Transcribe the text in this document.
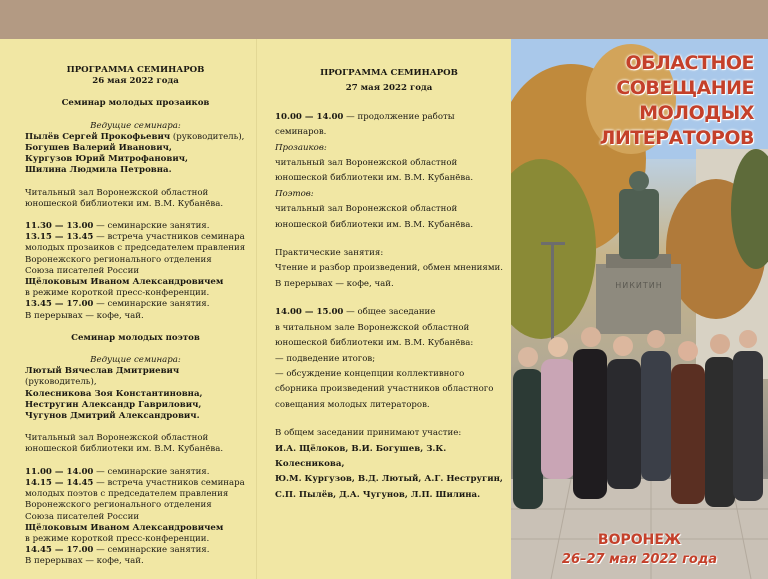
ПРОГРАММА СЕМИНАРОВ
26 мая 2022 года
Семинар молодых прозаиков
Ведущие семинара:
Пылёв Сергей Прокофьевич (руководитель),
Богушев Валерий Иванович,
Кургузов Юрий Митрофанович,
Шилина Людмила Петровна.
Читальный зал Воронежской областной
юношеской библиотеки им. В.М. Кубанёва.
11.30 — 13.00 — семинарские занятия.
13.15 — 13.45 — встреча участников семинара
молодых прозаиков с председателем правления
Воронежского регионального отделения
Союза писателей России
Щёлоковым Иваном Александровичем
в режиме короткой пресс-конференции.
13.45 — 17.00 — семинарские занятия.
В перерывах — кофе, чай.
Семинар молодых поэтов
Ведущие семинара:
Лютый Вячеслав Дмитриевич (руководитель),
Колесникова Зоя Константиновна,
Нестругин Александр Гаврилович,
Чугунов Дмитрий Александрович.
Читальный зал Воронежской областной
юношеской библиотеки им. В.М. Кубанёва.
11.00 — 14.00 — семинарские занятия.
14.15 — 14.45 — встреча участников семинара
молодых поэтов с председателем правления
Воронежского регионального отделения
Союза писателей России
Щёлоковым Иваном Александровичем
в режиме короткой пресс-конференции.
14.45 — 17.00 — семинарские занятия.
В перерывах — кофе, чай.
ПРОГРАММА СЕМИНАРОВ
27 мая 2022 года
10.00 — 14.00 — продолжение работы семинаров.
Прозаиков:
читальный зал Воронежской областной
юношеской библиотеки им. В.М. Кубанёва.
Поэтов:
читальный зал Воронежской областной
юношеской библиотеки им. В.М. Кубанёва.
Практические занятия:
Чтение и разбор произведений, обмен мнениями.
В перерывах — кофе, чай.
14.00 — 15.00 — общее заседание
в читальном зале Воронежской областной
юношеской библиотеки им. В.М. Кубанёва:
— подведение итогов;
— обсуждение концепции коллективного
сборника произведений участников областного
совещания молодых литераторов.
В общем заседании принимают участие:
И.А. Щёлоков, В.И. Богушев, З.К. Колесникова,
Ю.М. Кургузов, В.Д. Лютый, А.Г. Нестругин,
С.П. Пылёв, Д.А. Чугунов, Л.П. Шилина.
ОБЛАСТНОЕ
СОВЕЩАНИЕ
МОЛОДЫХ
ЛИТЕРАТОРОВ
НИКИТИН
ВОРОНЕЖ
26–27 мая 2022 года
